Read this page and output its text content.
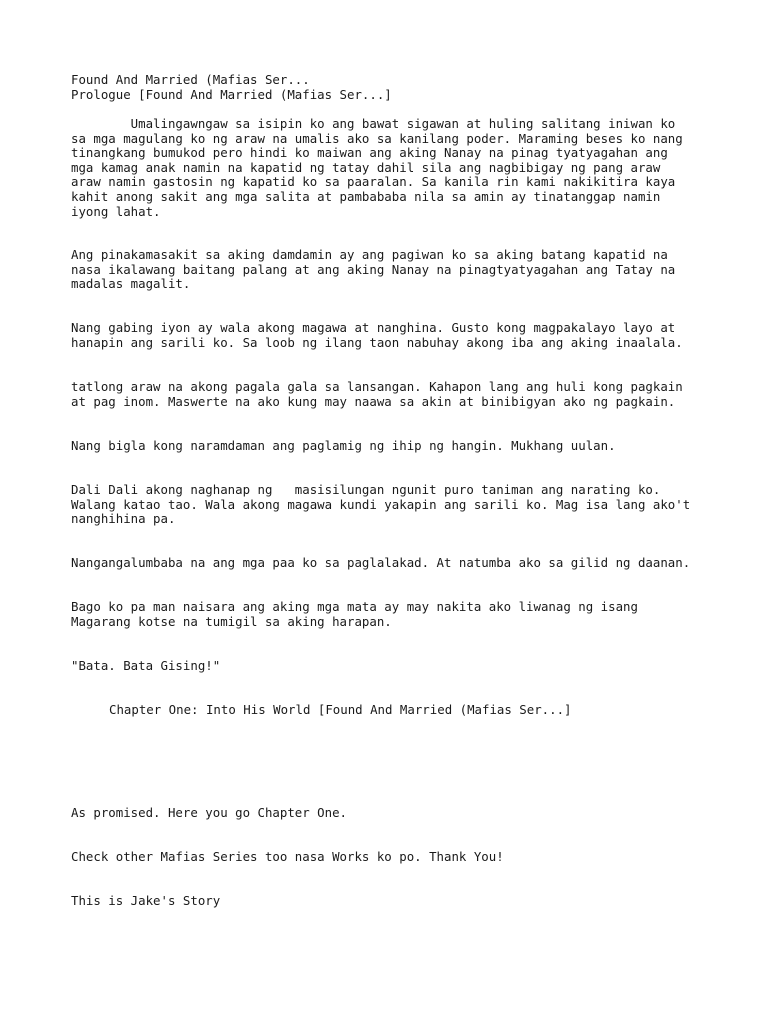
Found And Married (Mafias Ser...
Prologue [Found And Married (Mafias Ser...]
Umalingawngaw sa isipin ko ang bawat sigawan at huling salitang iniwan ko
sa mga magulang ko ng araw na umalis ako sa kanilang poder. Maraming beses ko nang
tinangkang bumukod pero hindi ko maiwan ang aking Nanay na pinag tyatyagahan ang
mga kamag anak namin na kapatid ng tatay dahil sila ang nagbibigay ng pang araw
araw namin gastosin ng kapatid ko sa paaralan. Sa kanila rin kami nakikitira kaya
kahit anong sakit ang mga salita at pambababa nila sa amin ay tinatanggap namin
iyong lahat.
Ang pinakamasakit sa aking damdamin ay ang pagiwan ko sa aking batang kapatid na
nasa ikalawang baitang palang at ang aking Nanay na pinagtyatyagahan ang Tatay na
madalas magalit.
Nang gabing iyon ay wala akong magawa at nanghina. Gusto kong magpakalayo layo at
hanapin ang sarili ko. Sa loob ng ilang taon nabuhay akong iba ang aking inaalala.
tatlong araw na akong pagala gala sa lansangan. Kahapon lang ang huli kong pagkain
at pag inom. Maswerte na ako kung may naawa sa akin at binibigyan ako ng pagkain.
Nang bigla kong naramdaman ang paglamig ng ihip ng hangin. Mukhang uulan.
Dali Dali akong naghanap ng   masisilungan ngunit puro taniman ang narating ko.
Walang katao tao. Wala akong magawa kundi yakapin ang sarili ko. Mag isa lang ako't
nanghihina pa.
Nangangalumbaba na ang mga paa ko sa paglalakad. At natumba ako sa gilid ng daanan.
Bago ko pa man naisara ang aking mga mata ay may nakita ako liwanag ng isang
Magarang kotse na tumigil sa aking harapan.
"Bata. Bata Gising!"
Chapter One: Into His World [Found And Married (Mafias Ser...]
As promised. Here you go Chapter One.
Check other Mafias Series too nasa Works ko po. Thank You!
This is Jake's Story
